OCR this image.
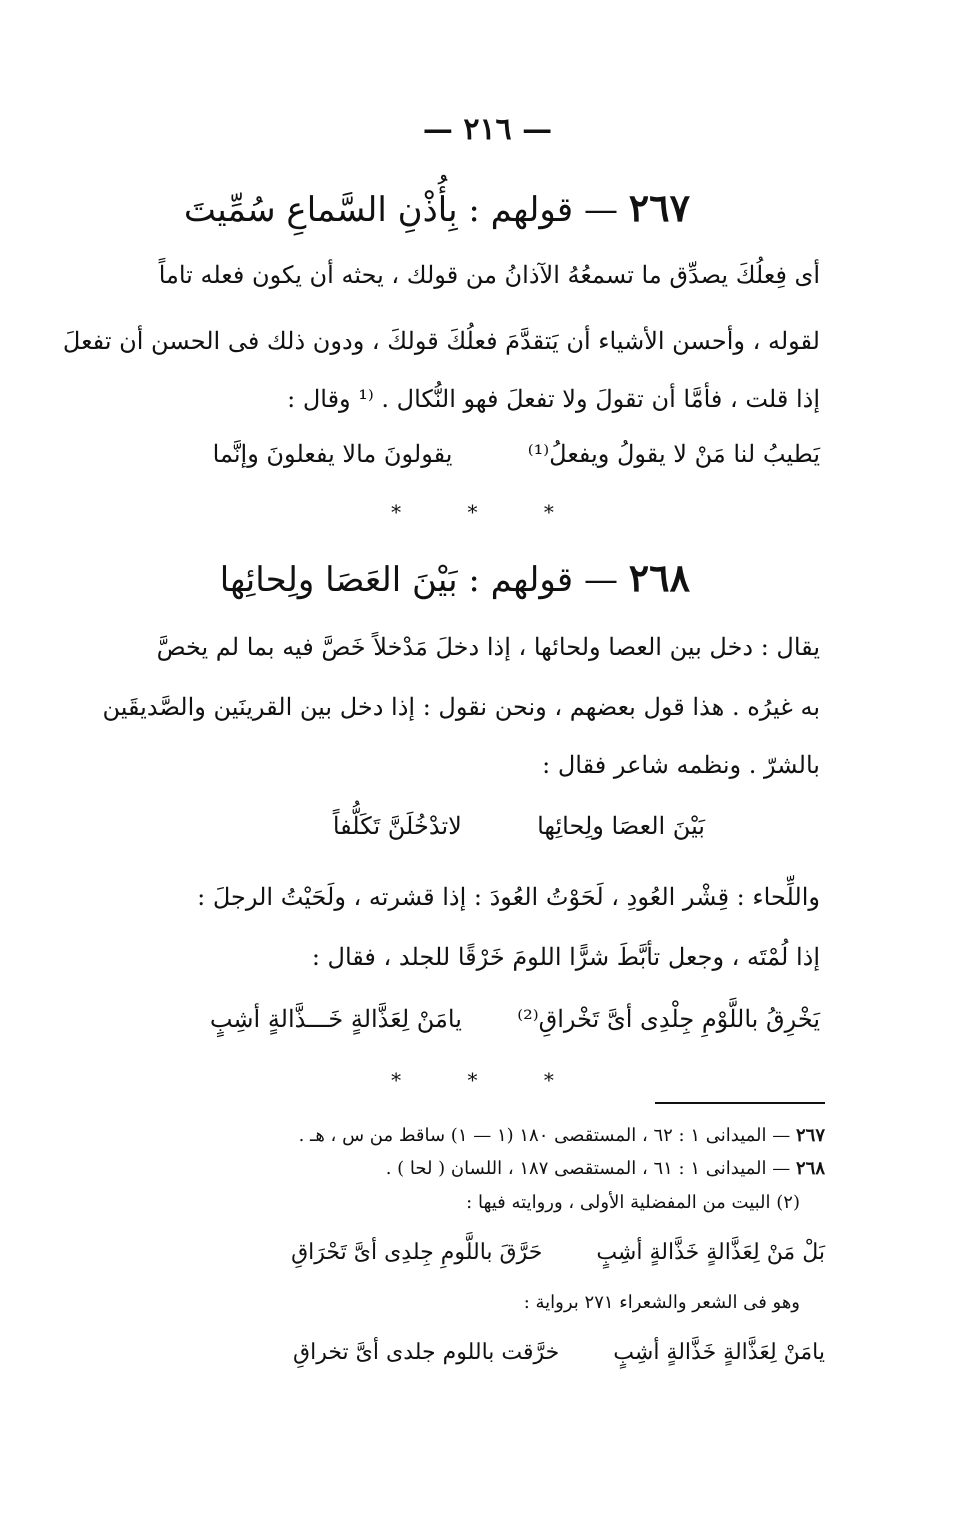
— ٢١٦ —
٢٦٧ — قولهم : بِأُذْنِ السَّماعِ سُمِّيتَ
أى فِعلُكَ يصدِّق ما تسمعُهُ الآذانُ من قولك ، يحثه أن يكون فعله تاماً
لقوله ، وأحسن الأشياء أن يَتقدَّمَ فعلُكَ قولكَ ، ودون ذلك فى الحسن أن تفعلَ
إذا قلت ، فأمَّا أن تقولَ ولا تفعلَ فهو النُّكال . ⁽¹ وقال :
يقولونَ مالا يفعلونَ وإنَّما	يَطيبُ لنا مَنْ لا يقولُ ويفعلُ⁽¹⁾
* * *
٢٦٨ — قولهم : بَيْنَ العَصَا ولِحائِها
يقال : دخل بين العصا ولحائها ، إذا دخلَ مَدْخلاً خَصَّ فيه بما لم يخصَّ
به غيرُه . هذا قول بعضهم ، ونحن نقول : إذا دخل بين القرينَين والصَّديقَين
بالشرّ . ونظمه شاعر فقال :
لاتدْخُلَنَّ تَكَلُّفاً	بَيْنَ العصَا ولِحائِها
واللِّحاء : قِشْر العُودِ ، لَحَوْتُ العُودَ : إذا قشرته ، ولَحَيْتُ الرجلَ :
إذا لُمْتَه ، وجعل تأبَّطَ شرًّا اللومَ خَرْقًا للجلد ، فقال :
يامَنْ لِعَذَّالةٍ خَـــذَّالةٍ أشِبٍ يَخْرِقُ باللَّوْمِ جِلْدِى أىَّ تَخْراقِ⁽²⁾
* * *
٢٦٧ — الميدانى ١ : ٦٢ ، المستقصى ١٨٠ (١ — ١) ساقط من س ، هـ .
٢٦٨ — الميدانى ١ : ٦١ ، المستقصى ١٨٧ ، اللسان ( لحا ) .
(٢) البيت من المفضلية الأولى ، وروايته فيها :
بَلْ مَنْ لِعَذَّالةٍ خَذَّالةٍ أشِبٍ  حَرَّقَ باللَّومِ جِلدِى أىَّ تَحْرَاقِ
وهو فى الشعر والشعراء ٢٧١ برواية :
يامَنْ لِعَذَّالةٍ خَذَّالةٍ أشِبٍ  خرَّقت باللوم جلدى أىَّ تخراقِ
